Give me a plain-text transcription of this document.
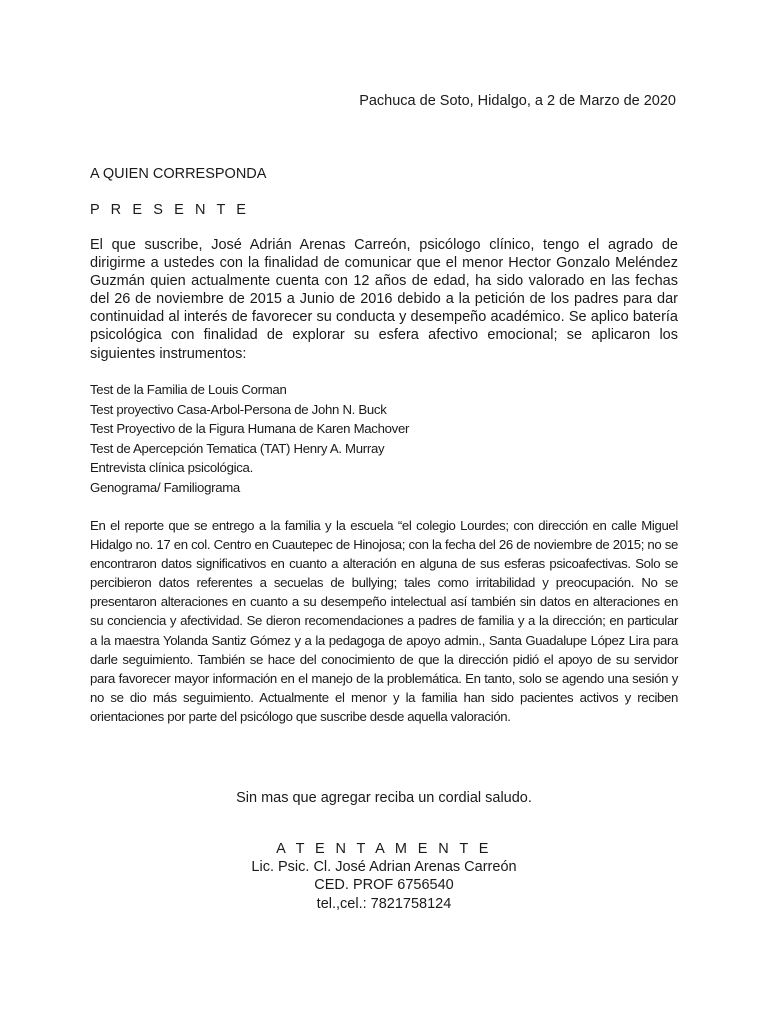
Pachuca de Soto, Hidalgo, a 2 de Marzo de 2020
A QUIEN CORRESPONDA
P R E S E N T E

El que suscribe, José Adrián Arenas Carreón, psicólogo clínico, tengo el agrado de dirigirme a ustedes con la finalidad de comunicar que el menor Hector Gonzalo Meléndez Guzmán quien actualmente cuenta con 12 años de edad, ha sido valorado en las fechas del 26 de noviembre de 2015 a Junio de 2016 debido a la petición de los padres para dar continuidad al interés de favorecer su conducta y desempeño académico. Se aplico batería psicológica con finalidad de explorar su esfera afectivo emocional; se aplicaron los siguientes instrumentos:

Test de la Familia de Louis Corman
Test proyectivo Casa-Arbol-Persona de John N. Buck
Test Proyectivo de la Figura Humana de Karen Machover
Test de Apercepción Tematica (TAT) Henry A. Murray
Entrevista clínica psicológica.
Genograma/ Familiograma

En el reporte que se entrego a la familia y la escuela “el colegio Lourdes; con dirección en calle Miguel Hidalgo no. 17 en col. Centro en Cuautepec de Hinojosa; con la fecha del 26 de noviembre de 2015; no se encontraron datos significativos en cuanto a alteración en alguna de sus esferas psicoafectivas. Solo se percibieron datos referentes a secuelas de bullying; tales como irritabilidad y preocupación. No se presentaron alteraciones en cuanto a su desempeño intelectual así también sin datos en alteraciones en su conciencia y afectividad. Se dieron recomendaciones a padres de familia y a la dirección; en particular a la maestra Yolanda Santiz Gómez y a la pedagoga de apoyo admin., Santa Guadalupe López Lira para darle seguimiento. También se hace del conocimiento de que la dirección pidió el apoyo de su servidor para favorecer mayor información en el manejo de la problemática. En tanto, solo se agendo una sesión y no se dio más seguimiento. Actualmente el menor y la familia han sido pacientes activos y reciben orientaciones por parte del psicólogo que suscribe desde aquella valoración.

Sin mas que agregar reciba un cordial saludo.
A T E N T A M E N T E
Lic. Psic. Cl. José Adrian Arenas Carreón
CED. PROF 6756540
tel.,cel.: 7821758124
